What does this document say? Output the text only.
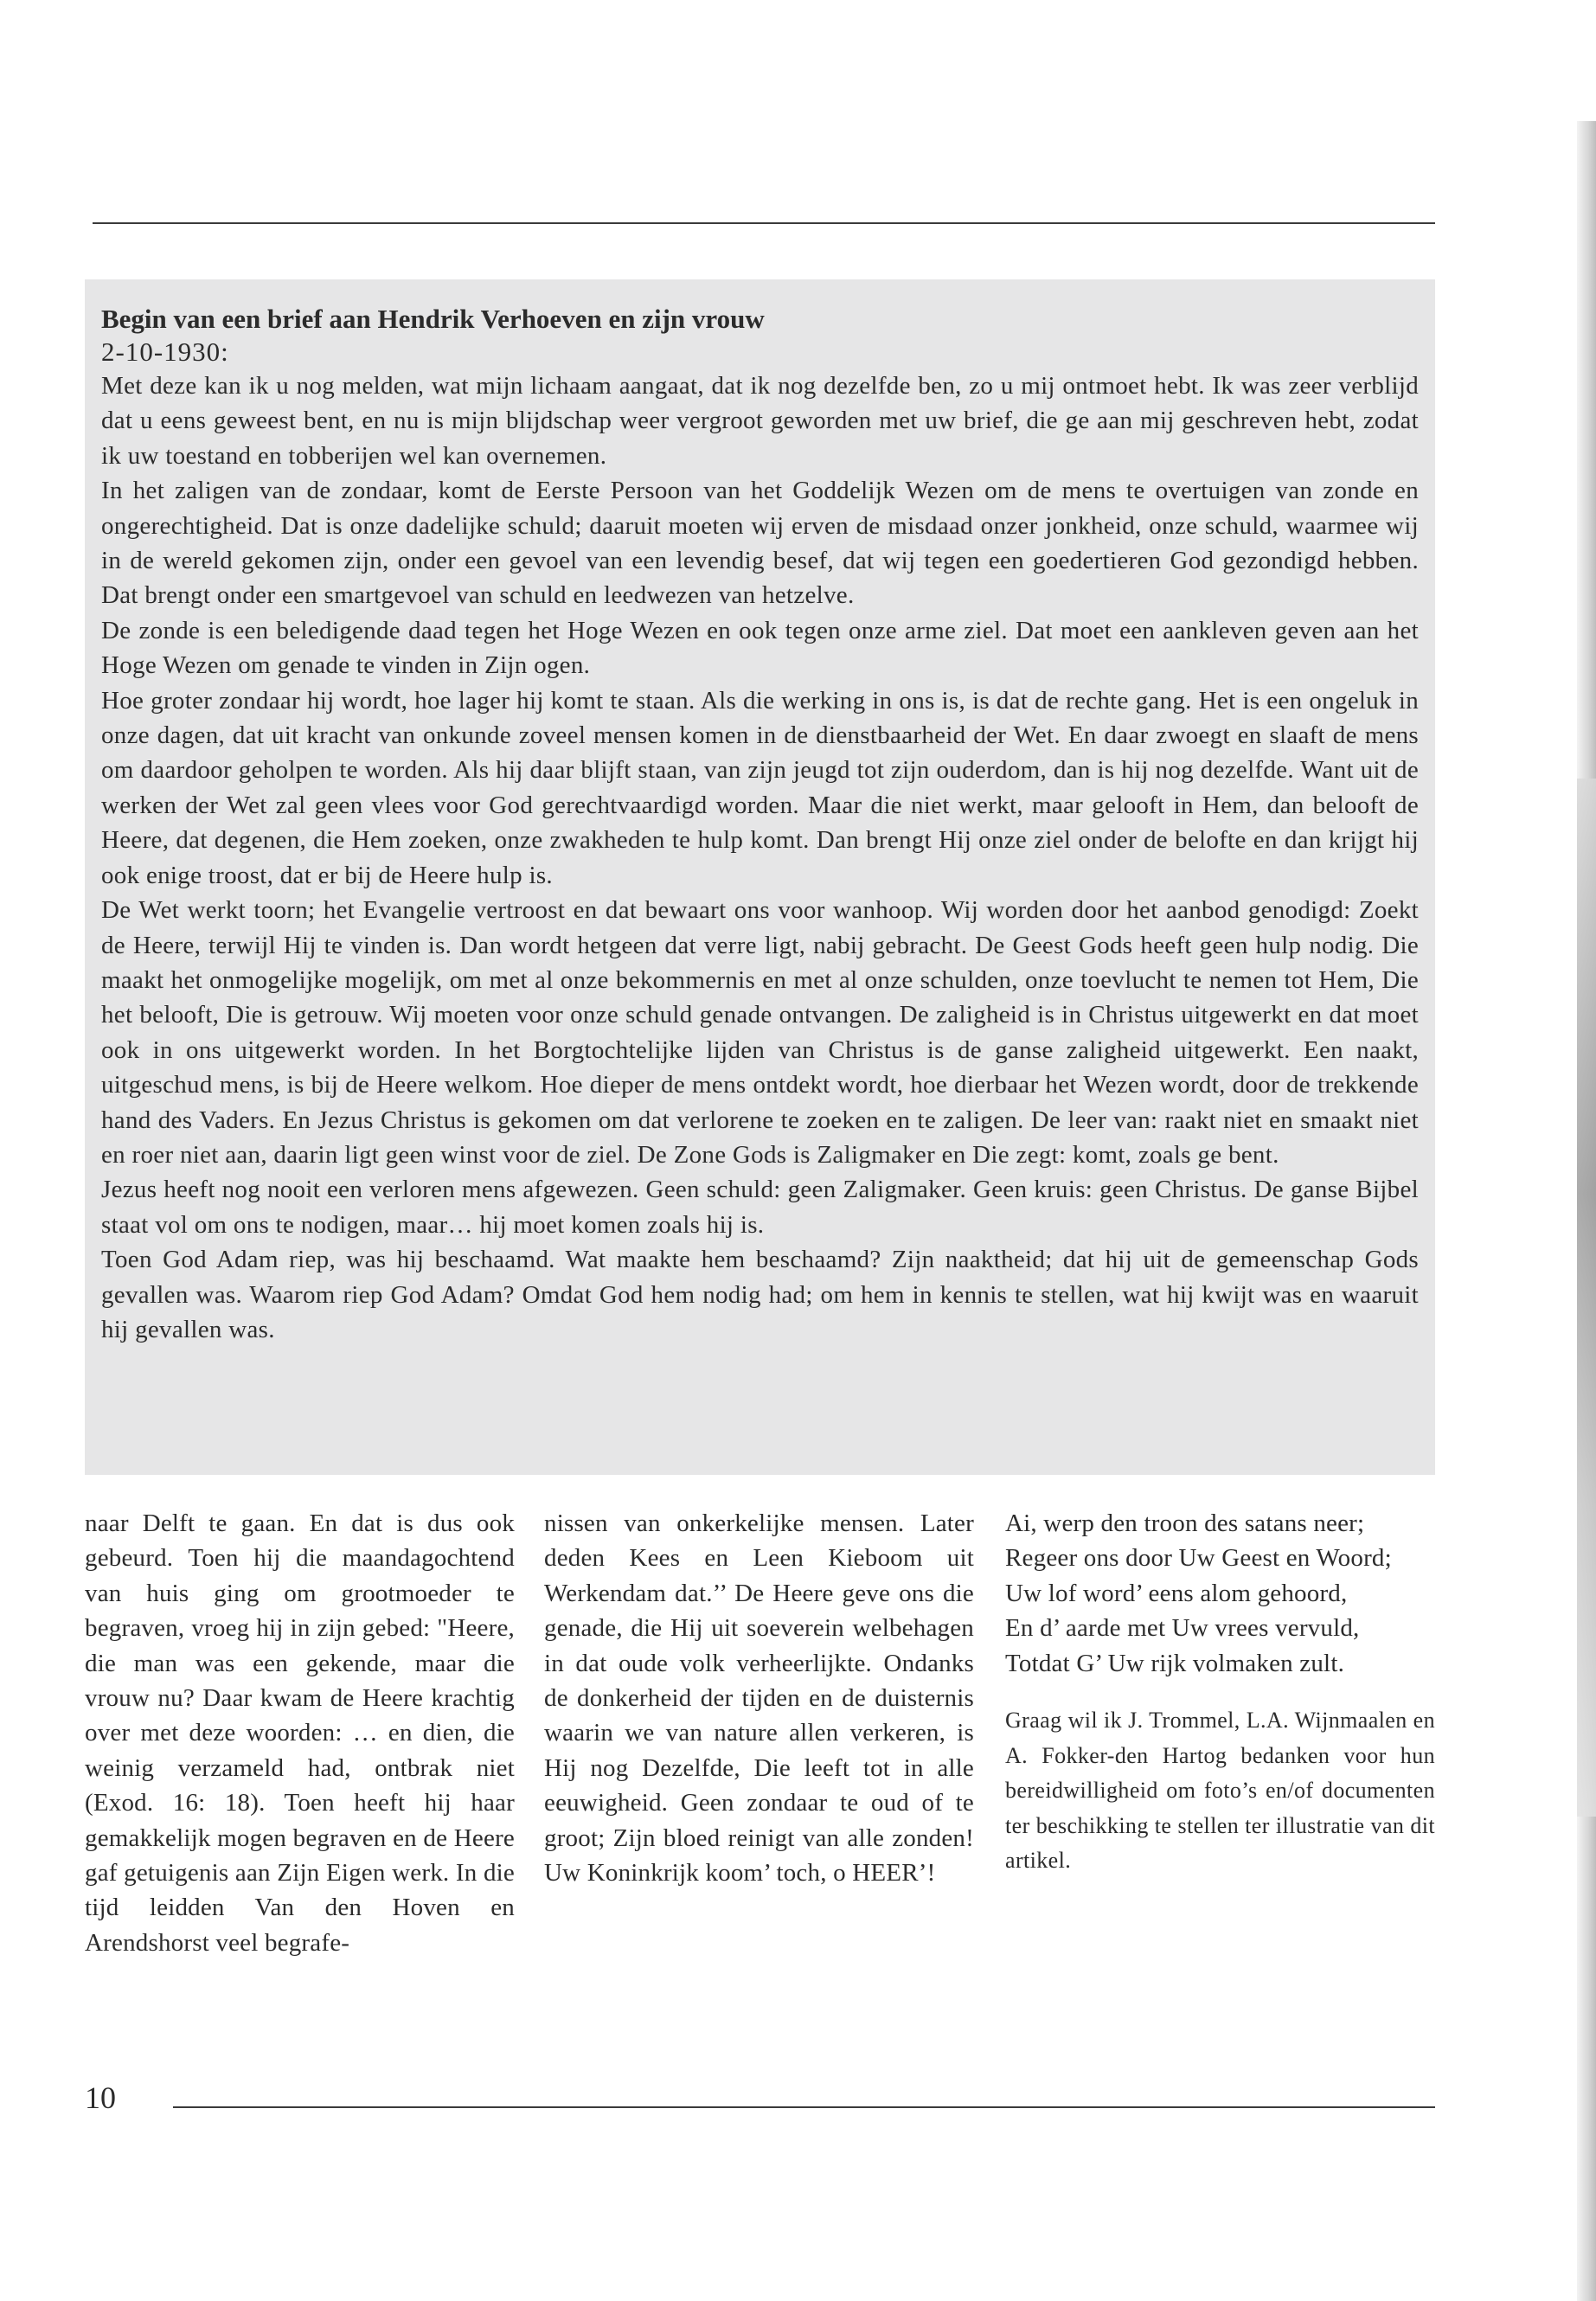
Begin van een brief aan Hendrik Verhoeven en zijn vrouw

2-10-1930:

Met deze kan ik u nog melden, wat mijn lichaam aangaat, dat ik nog dezelfde ben, zo u mij ontmoet hebt. Ik was zeer verblijd dat u eens geweest bent, en nu is mijn blijdschap weer vergroot geworden met uw brief, die ge aan mij geschreven hebt, zodat ik uw toestand en tobberijen wel kan overnemen.

In het zaligen van de zondaar, komt de Eerste Persoon van het Goddelijk Wezen om de mens te overtuigen van zonde en ongerechtigheid. Dat is onze dadelijke schuld; daaruit moeten wij erven de misdaad onzer jonkheid, onze schuld, waarmee wij in de wereld gekomen zijn, onder een gevoel van een levendig besef, dat wij tegen een goedertieren God gezondigd hebben. Dat brengt onder een smartgevoel van schuld en leedwezen van hetzelve.

De zonde is een beledigende daad tegen het Hoge Wezen en ook tegen onze arme ziel. Dat moet een aankleven geven aan het Hoge Wezen om genade te vinden in Zijn ogen.

Hoe groter zondaar hij wordt, hoe lager hij komt te staan. Als die werking in ons is, is dat de rechte gang. Het is een ongeluk in onze dagen, dat uit kracht van onkunde zoveel mensen komen in de dienstbaarheid der Wet. En daar zwoegt en slaaft de mens om daardoor geholpen te worden. Als hij daar blijft staan, van zijn jeugd tot zijn ouderdom, dan is hij nog dezelfde. Want uit de werken der Wet zal geen vlees voor God gerechtvaardigd worden. Maar die niet werkt, maar gelooft in Hem, dan belooft de Heere, dat degenen, die Hem zoeken, onze zwakheden te hulp komt. Dan brengt Hij onze ziel onder de belofte en dan krijgt hij ook enige troost, dat er bij de Heere hulp is.

De Wet werkt toorn; het Evangelie vertroost en dat bewaart ons voor wanhoop. Wij worden door het aanbod genodigd: Zoekt de Heere, terwijl Hij te vinden is. Dan wordt hetgeen dat verre ligt, nabij gebracht. De Geest Gods heeft geen hulp nodig. Die maakt het onmogelijke mogelijk, om met al onze bekommernis en met al onze schulden, onze toevlucht te nemen tot Hem, Die het belooft, Die is getrouw. Wij moeten voor onze schuld genade ontvangen. De zaligheid is in Christus uitgewerkt en dat moet ook in ons uitgewerkt worden. In het Borgtochtelijke lijden van Christus is de ganse zaligheid uitgewerkt. Een naakt, uitgeschud mens, is bij de Heere welkom. Hoe dieper de mens ontdekt wordt, hoe dierbaar het Wezen wordt, door de trekkende hand des Vaders. En Jezus Christus is gekomen om dat verlorene te zoeken en te zaligen. De leer van: raakt niet en smaakt niet en roer niet aan, daarin ligt geen winst voor de ziel. De Zone Gods is Zaligmaker en Die zegt: komt, zoals ge bent.

Jezus heeft nog nooit een verloren mens afgewezen. Geen schuld: geen Zaligmaker. Geen kruis: geen Christus. De ganse Bijbel staat vol om ons te nodigen, maar… hij moet komen zoals hij is.

Toen God Adam riep, was hij beschaamd. Wat maakte hem beschaamd? Zijn naaktheid; dat hij uit de gemeenschap Gods gevallen was. Waarom riep God Adam? Omdat God hem nodig had; om hem in kennis te stellen, wat hij kwijt was en waaruit hij gevallen was.

naar Delft te gaan. En dat is dus ook gebeurd. Toen hij die maandagochtend van huis ging om grootmoeder te begraven, vroeg hij in zijn gebed: "Heere, die man was een gekende, maar die vrouw nu? Daar kwam de Heere krachtig over met deze woorden: … en dien, die weinig verzameld had, ontbrak niet (Exod. 16: 18). Toen heeft hij haar gemakkelijk mogen begraven en de Heere gaf getuigenis aan Zijn Eigen werk. In die tijd leidden Van den Hoven en Arendshorst veel begrafe-

nissen van onkerkelijke mensen. Later deden Kees en Leen Kieboom uit Werkendam dat.’’ De Heere geve ons die genade, die Hij uit soeverein welbehagen in dat oude volk verheerlijkte. Ondanks de donkerheid der tijden en de duisternis waarin we van nature allen verkeren, is Hij nog Dezelfde, Die leeft tot in alle eeuwigheid. Geen zondaar te oud of te groot; Zijn bloed reinigt van alle zonden! Uw Koninkrijk koom’ toch, o HEER’!

Ai, werp den troon des satans neer;

Regeer ons door Uw Geest en Woord;

Uw lof word’ eens alom gehoord,

En d’ aarde met Uw vrees vervuld,

Totdat G’ Uw rijk volmaken zult.

Graag wil ik J. Trommel, L.A. Wijnmaalen en A. Fokker-den Hartog bedanken voor hun bereidwilligheid om foto’s en/of documenten ter beschikking te stellen ter illustratie van dit artikel.

10
